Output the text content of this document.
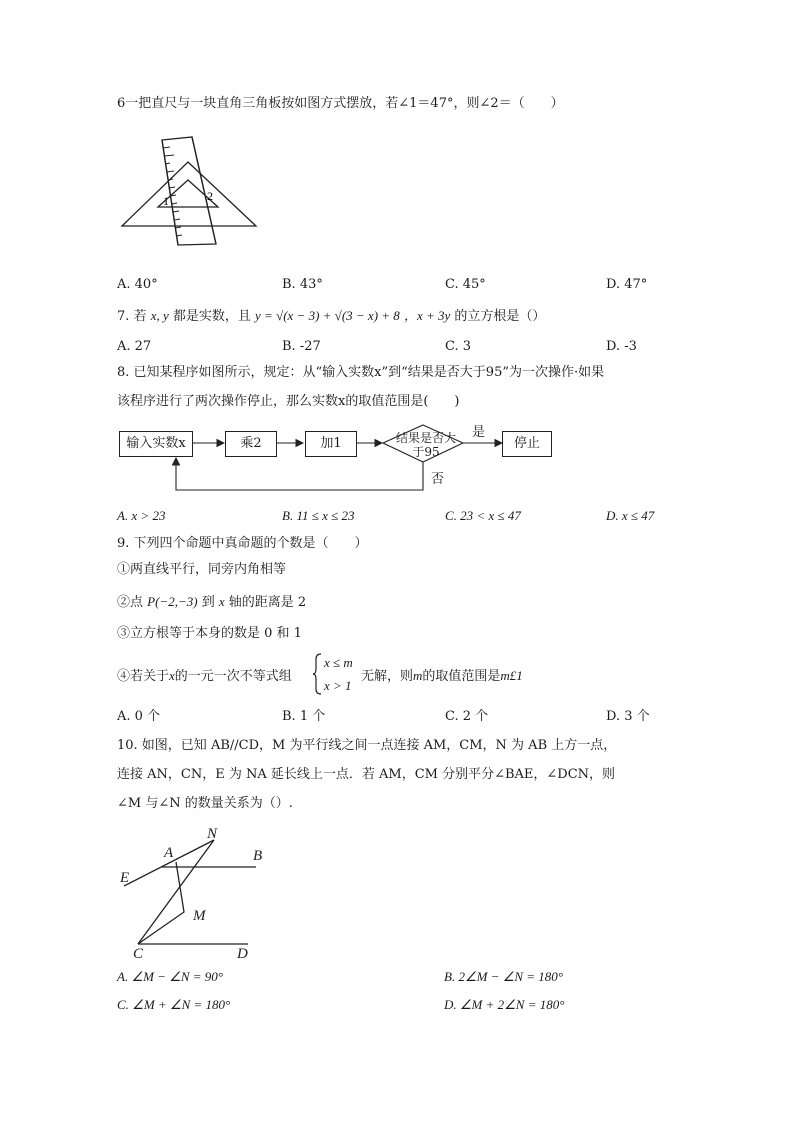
6一把直尺与一块直角三角板按如图方式摆放，若∠1＝47°，则∠2＝（　　）
1	2
A. 40°	B. 43°	C. 45°	D. 47°
7. 若 x, y 都是实数，且 y = √(x − 3) + √(3 − x) + 8 ，x + 3y 的立方根是（）
A. 27	B. -27	C. 3	D. -3
8. 已知某程序如图所示，规定：从“输入实数x”到“结果是否大于95”为一次操作·如果
该程序进行了两次操作停止，那么实数x的取值范围是(　　)
输入实数x	乘2	加1	结果是否大于95
是
停止
否
A. x > 23	B. 11 ≤ x ≤ 23	C. 23 < x ≤ 47	D. x ≤ 47
9. 下列四个命题中真命题的个数是（　　）
①两直线平行，同旁内角相等
②点 P(−2,−3) 到 x 轴的距离是 2
③立方根等于本身的数是 0 和 1
④若关于x的一元一次不等式组
x ≤ m
x > 1
无解，则m的取值范围是m£1
A. 0 个	B. 1 个	C. 2 个	D. 3 个
10. 如图，已知 AB//CD，M 为平行线之间一点连接 AM，CM，N 为 AB 上方一点，
连接 AN，CN，E 为 NA 延长线上一点．若 AM，CM 分别平分∠BAE，∠DCN，则
∠M 与∠N 的数量关系为（）.
N
A	B
E
M
C	D
A. ∠M − ∠N = 90°	B. 2∠M − ∠N = 180°
C. ∠M + ∠N = 180°	D. ∠M + 2∠N = 180°
